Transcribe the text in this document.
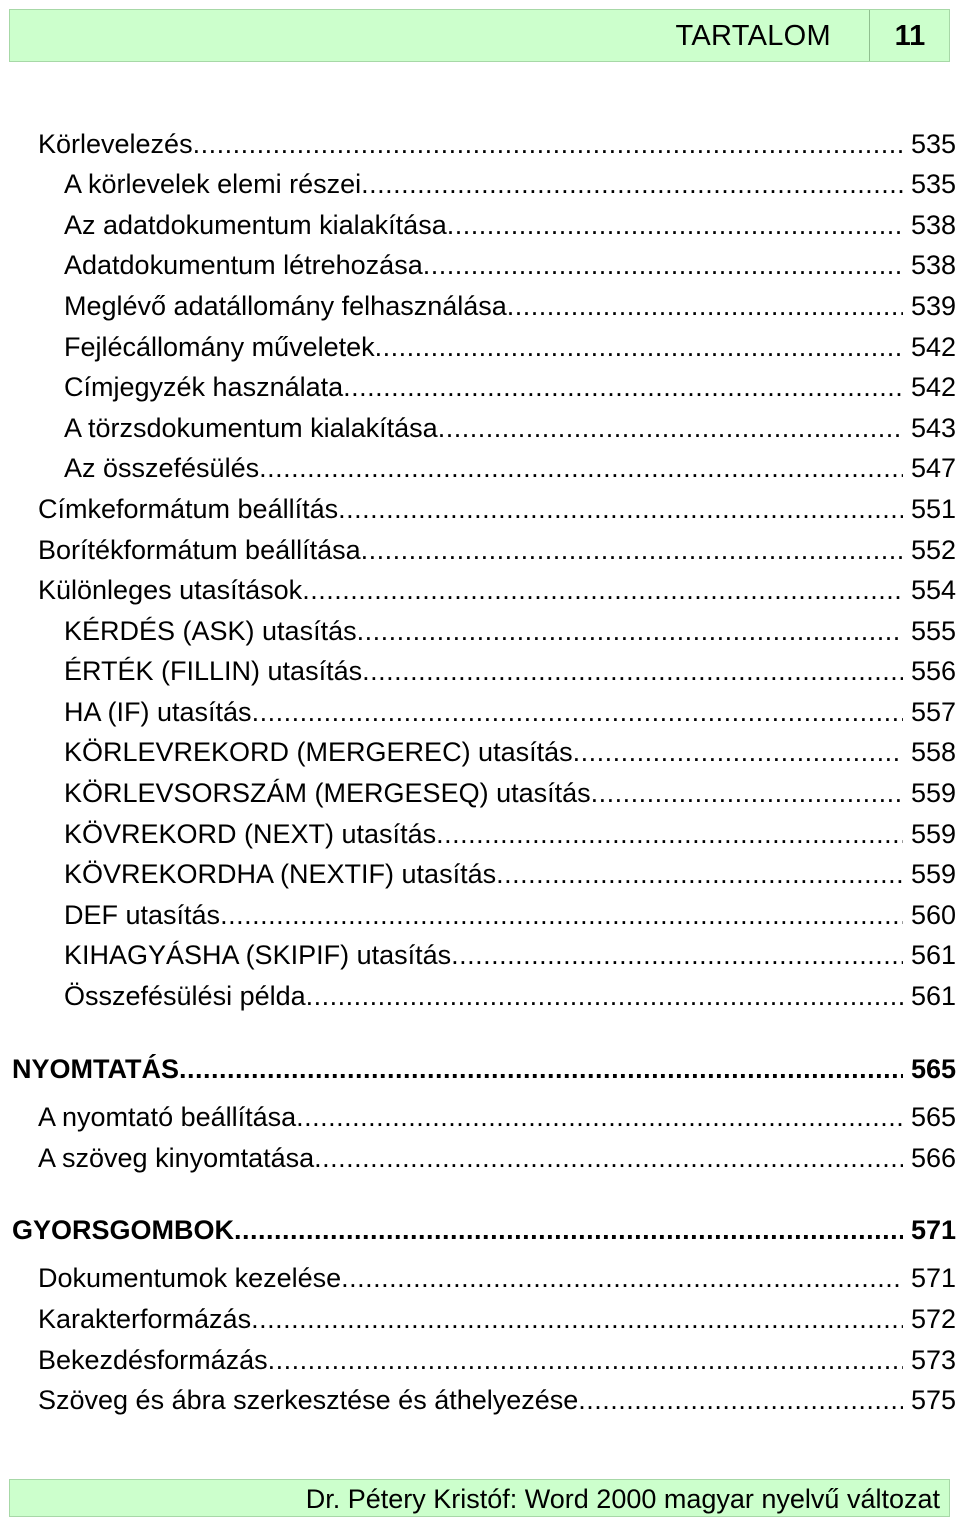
TARTALOM	11
Körlevelezés .....	535
A körlevelek elemi részei .....	535
Az adatdokumentum kialakítása .....	538
Adatdokumentum létrehozása .....	538
Meglévő adatállomány felhasználása .....	539
Fejlécállomány műveletek .....	542
Címjegyzék használata .....	542
A törzsdokumentum kialakítása .....	543
Az összefésülés .....	547
Címkeformátum beállítás .....	551
Borítékformátum beállítása .....	552
Különleges utasítások .....	554
KÉRDÉS (ASK) utasítás .....	555
ÉRTÉK (FILLIN) utasítás .....	556
HA (IF) utasítás .....	557
KÖRLEVREKORD (MERGEREC) utasítás .....	558
KÖRLEVSORSZÁM (MERGESEQ) utasítás .....	559
KÖVREKORD (NEXT) utasítás .....	559
KÖVREKORDHA (NEXTIF) utasítás .....	559
DEF utasítás .....	560
KIHAGYÁSHA (SKIPIF) utasítás .....	561
Összefésülési példa .....	561
NYOMTATÁS .....	565
A nyomtató beállítása .....	565
A szöveg kinyomtatása .....	566
GYORSGOMBOK .....	571
Dokumentumok kezelése .....	571
Karakterformázás .....	572
Bekezdésformázás .....	573
Szöveg és ábra szerkesztése és áthelyezése .....	575
Dr. Pétery Kristóf: Word 2000 magyar nyelvű változat
